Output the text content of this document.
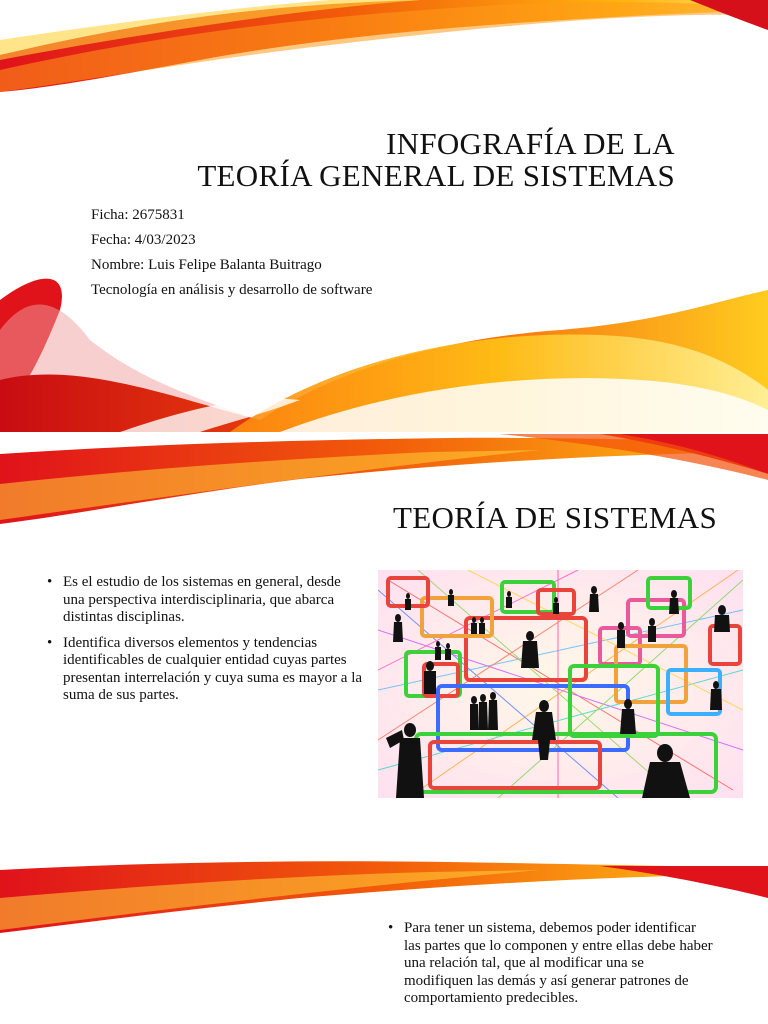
INFOGRAFÍA DE LA
TEORÍA GENERAL DE SISTEMAS
Ficha: 2675831
Fecha: 4/03/2023
Nombre: Luis Felipe Balanta Buitrago
Tecnología en análisis y desarrollo de software
TEORÍA DE SISTEMAS
• Es el estudio de los sistemas en general, desde una perspectiva interdisciplinaria, que abarca distintas disciplinas.
• Identifica diversos elementos y tendencias identificables de cualquier entidad cuyas partes presentan interrelación y cuya suma es mayor a la suma de sus partes.
• Para tener un sistema, debemos poder identificar las partes que lo componen y entre ellas debe haber una relación tal, que al modificar una se modifiquen las demás y así generar patrones de comportamiento predecibles.
